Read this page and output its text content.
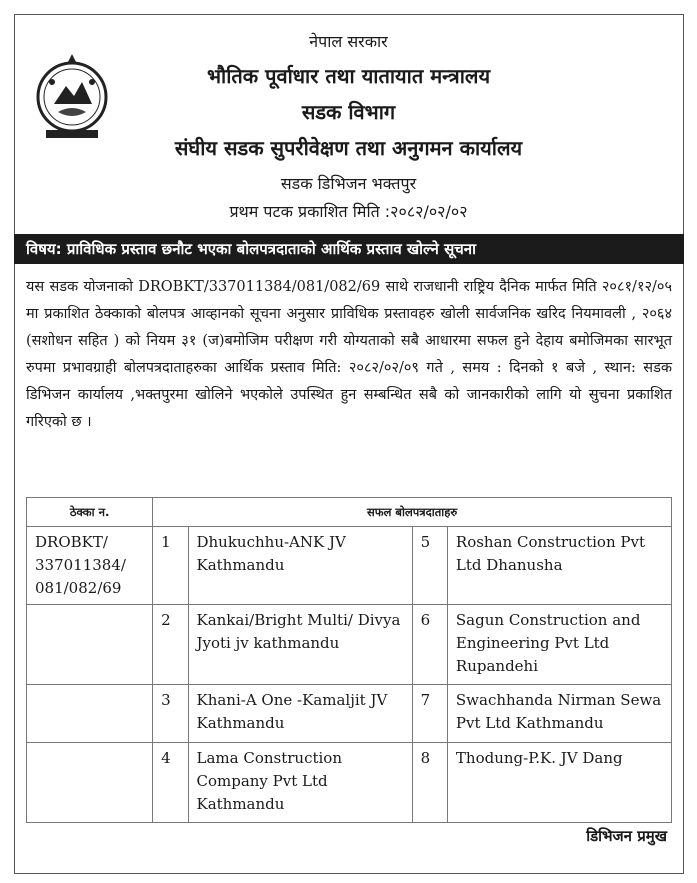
नेपाल सरकार
भौतिक पूर्वाधार तथा यातायात मन्त्रालय
सडक विभाग
संघीय सडक सुपरीवेक्षण तथा अनुगमन कार्यालय
सडक डिभिजन भक्तपुर
प्रथम पटक प्रकाशित मिति :२०८२/०२/०२
विषय: प्राविधिक प्रस्ताव छनौट भएका बोलपत्रदाताको आर्थिक प्रस्ताव खोल्ने सूचना

यस सडक योजनाको DROBKT/337011384/081/082/69 साथे राजधानी राष्ट्रिय दैनिक मार्फत मिति २०८१/१२/०५ मा प्रकाशित ठेक्काको बोलपत्र आव्हानको सूचना अनुसार प्राविधिक प्रस्तावहरु खोली सार्वजनिक खरिद नियमावली , २०६४ (सशोधन सहित ) को नियम ३१ (ज)बमोजिम परीक्षण गरी योग्यताको सबै आधारमा सफल हुने देहाय बमोजिमका सारभूत रुपमा प्रभावग्राही बोलपत्रदाताहरुका आर्थिक प्रस्ताव मिति: २०८२/०२/०९ गते , समय : दिनको १ बजे , स्थान: सडक डिभिजन कार्यालय ,भक्तपुरमा खोलिने भएकोले उपस्थित हुन सम्बन्धित सबै को जानकारीको लागि यो सुचना प्रकाशित गरिएको छ ।

ठेक्का न.	सफल बोलपत्रदाताहरु			
DROBKT/ 337011384/ 081/082/69	1	Dhukuchhu-ANK JV Kathmandu	5	Roshan Construction Pvt Ltd Dhanusha
	2	Kankai/Bright Multi/ Divya Jyoti jv kathmandu	6	Sagun Construction and Engineering Pvt Ltd Rupandehi
	3	Khani-A One -Kamaljit JV Kathmandu	7	Swachhanda Nirman Sewa Pvt Ltd Kathmandu
	4	Lama Construction Company Pvt Ltd Kathmandu	8	Thodung-P.K. JV Dang
डिभिजन प्रमुख
